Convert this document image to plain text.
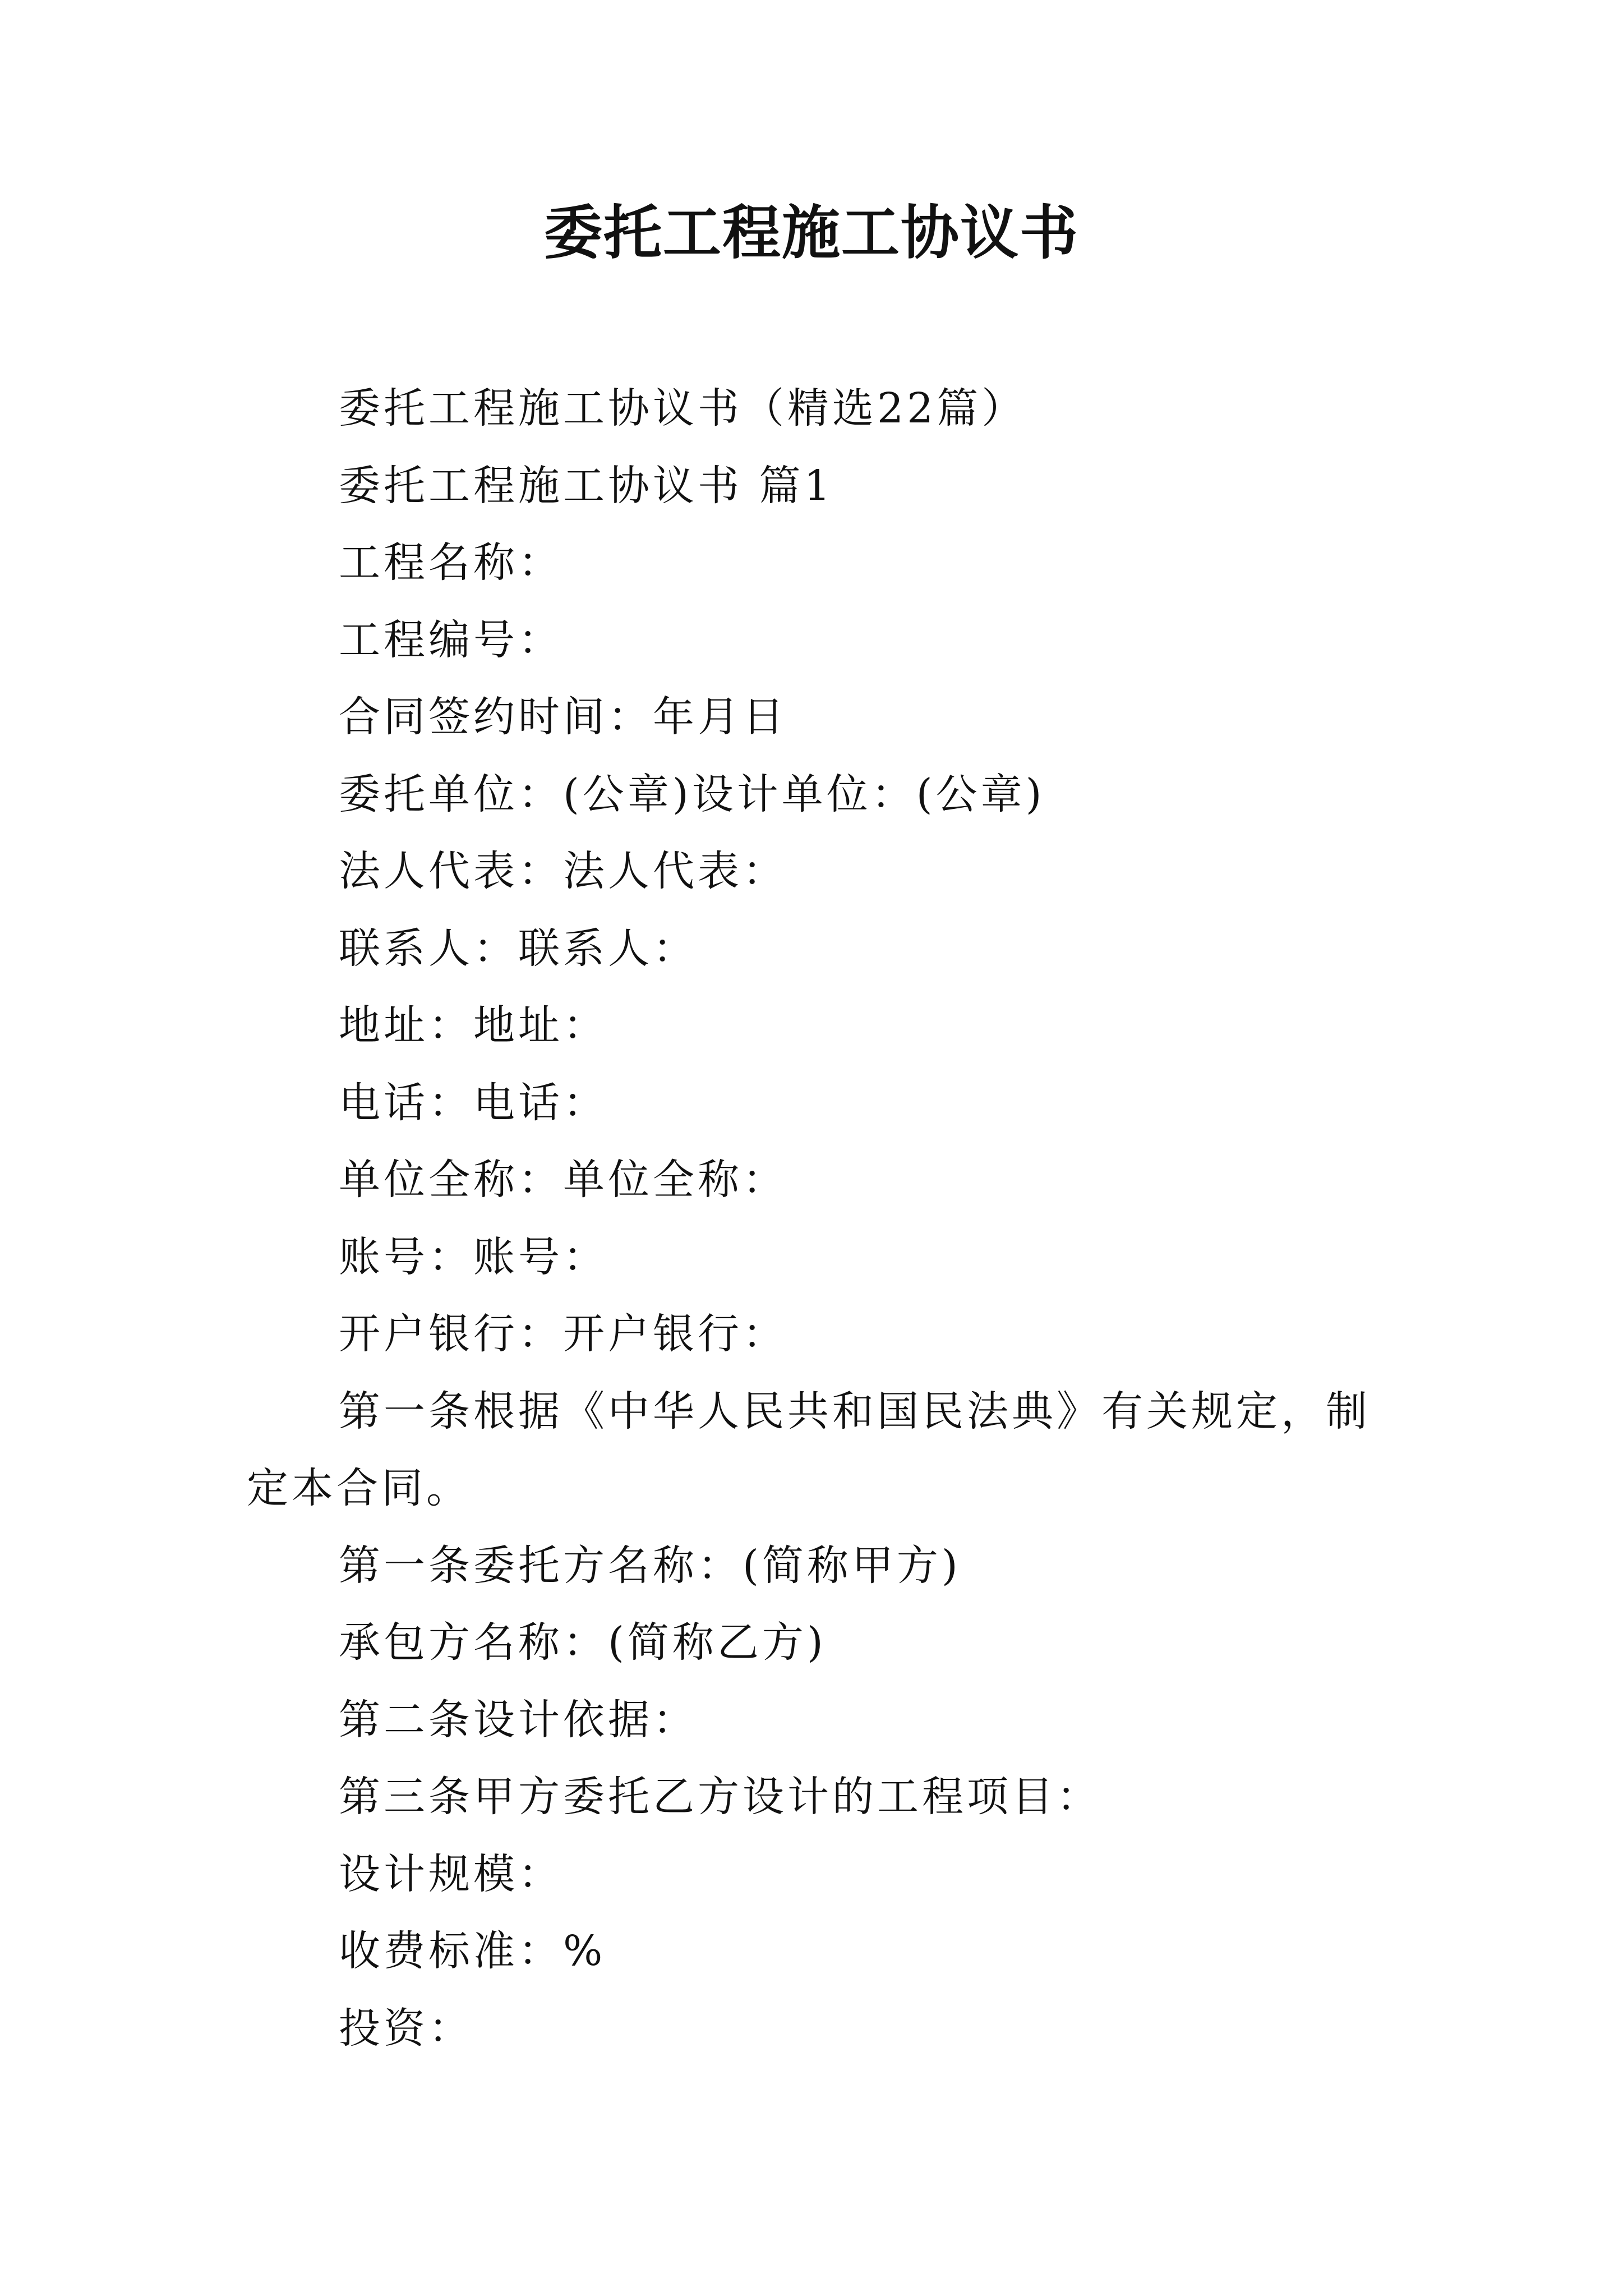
委托工程施工协议书

委托工程施工协议书（精选22篇）

委托工程施工协议书 篇1

工程名称：

工程编号：

合同签约时间：年月日

委托单位：(公章)设计单位：(公章)

法人代表：法人代表：

联系人：联系人：

地址：地址：

电话：电话：

单位全称：单位全称：

账号：账号：

开户银行：开户银行：

第一条根据《中华人民共和国民法典》有关规定，制定本合同。

第一条委托方名称：(简称甲方)

承包方名称：(简称乙方)

第二条设计依据：

第三条甲方委托乙方设计的工程项目：

设计规模：

收费标准：%

投资：
